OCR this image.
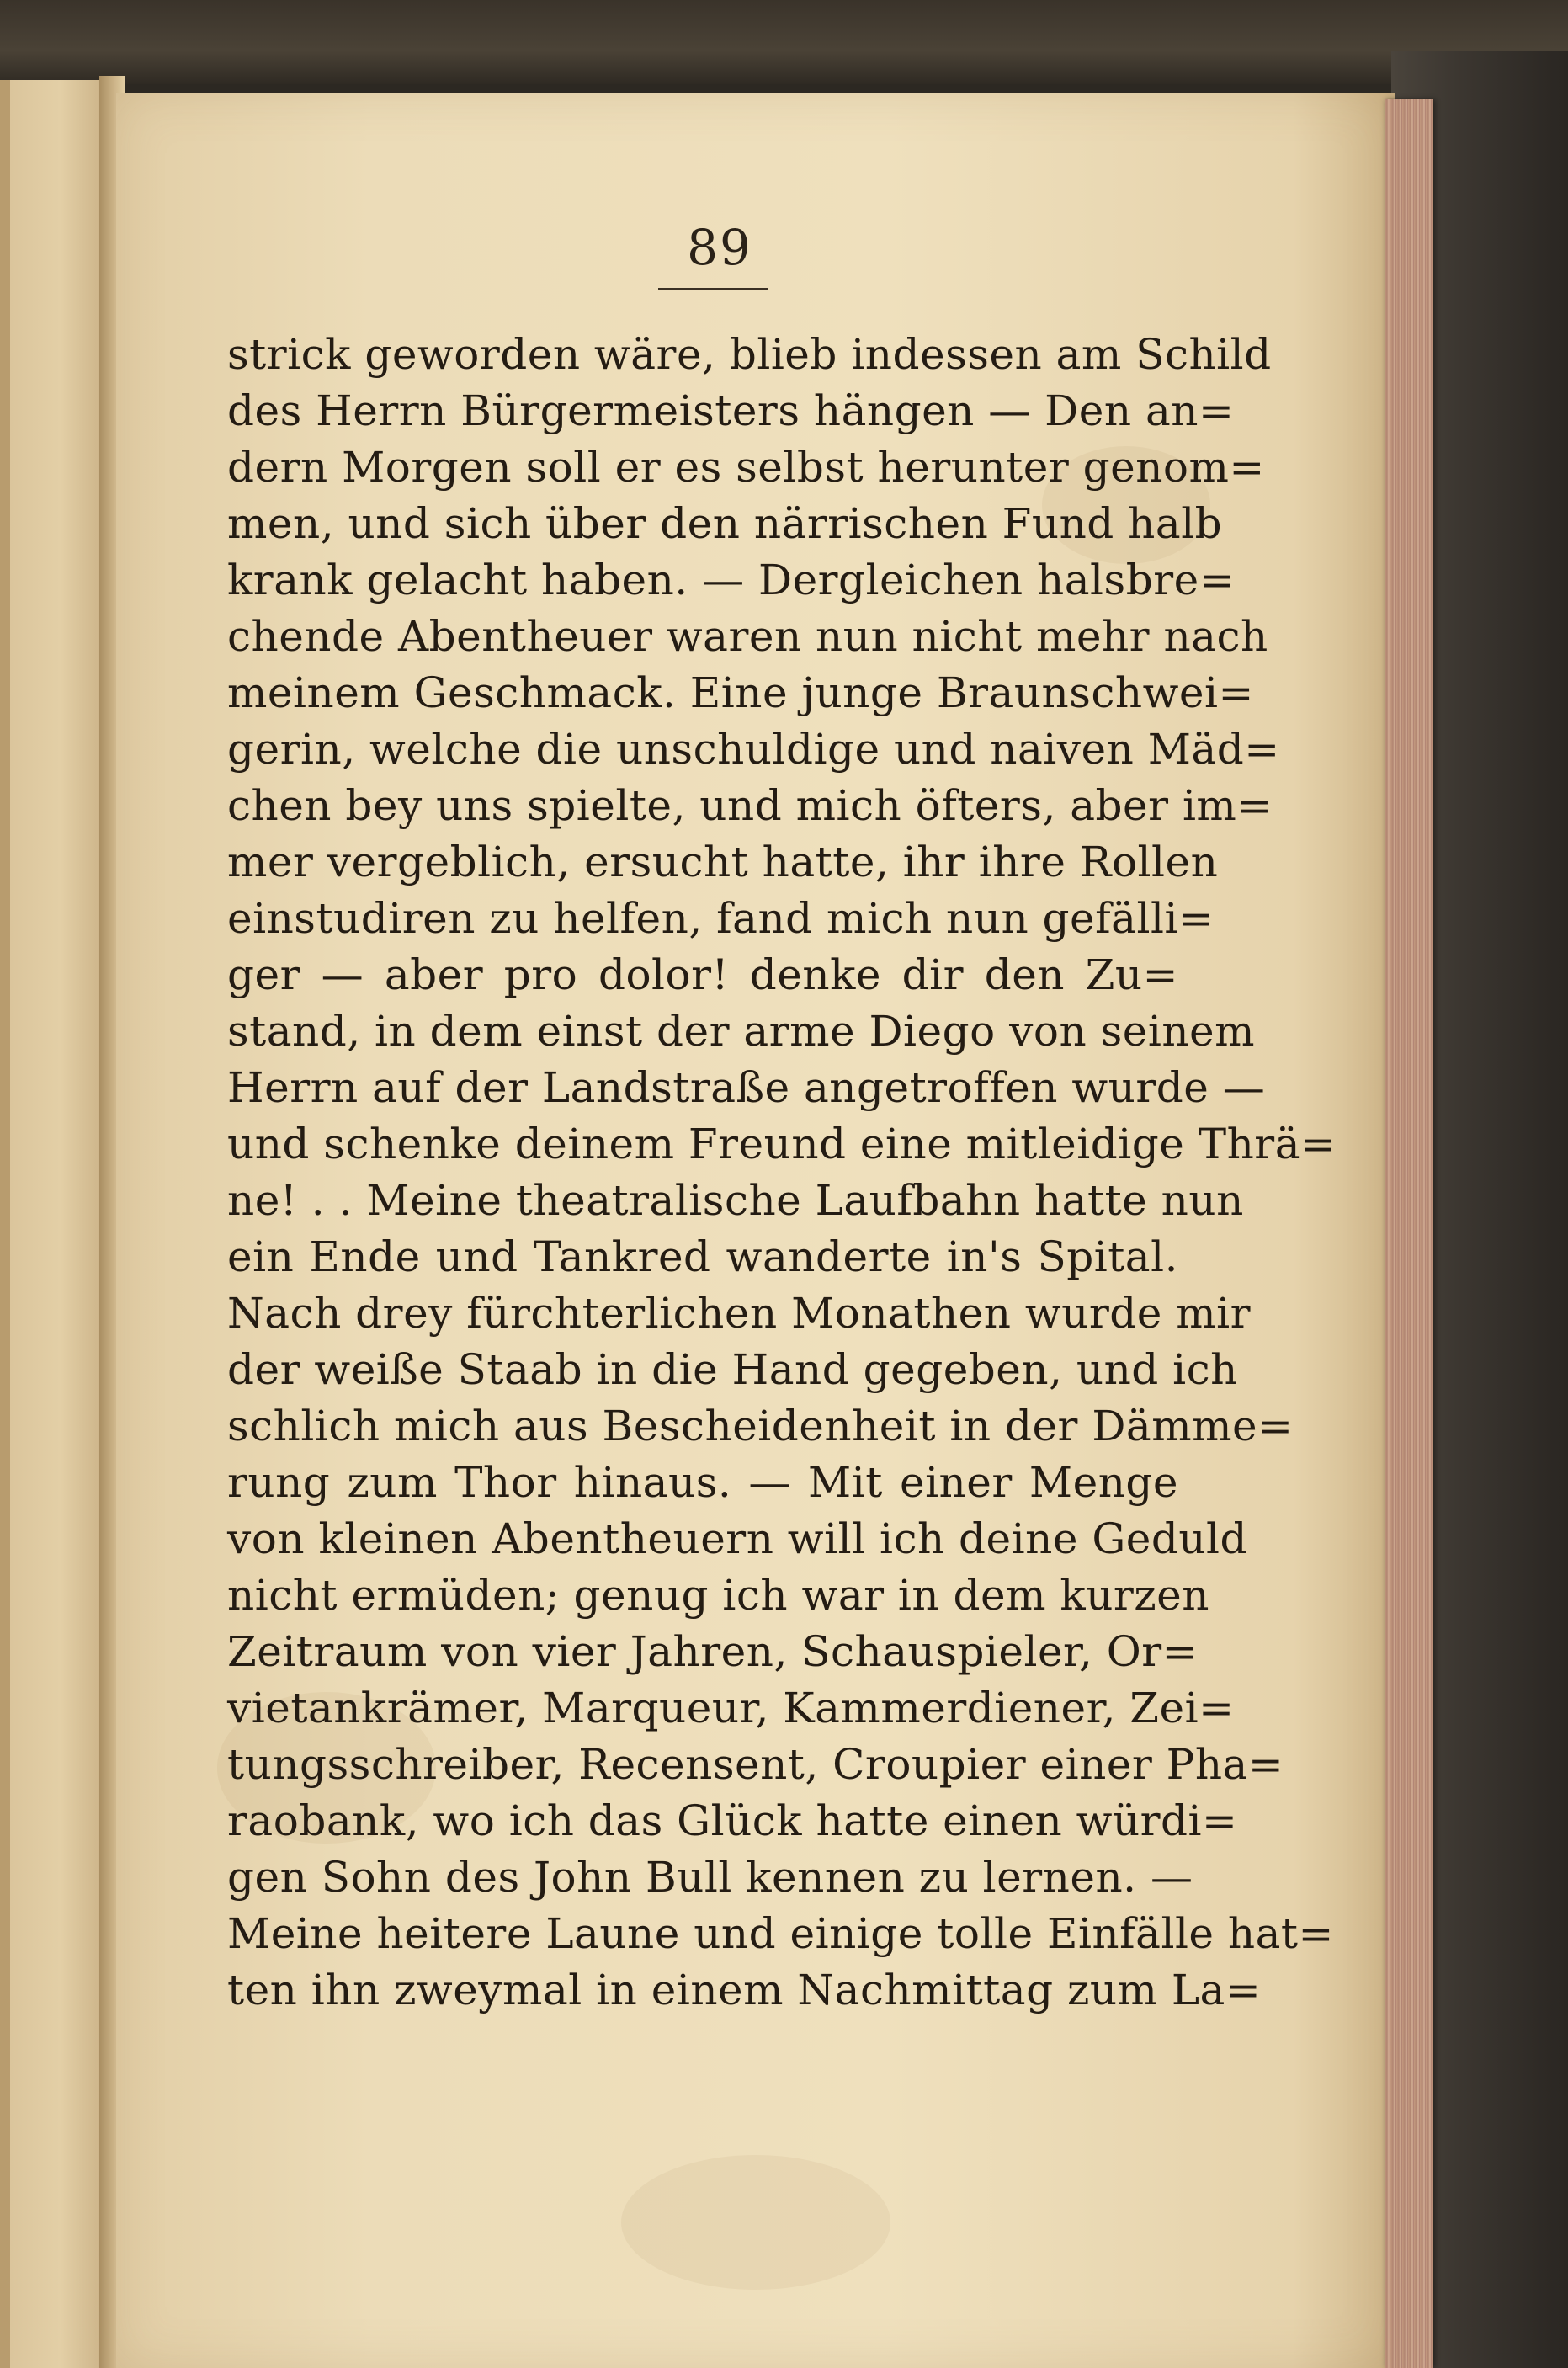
89
strick geworden wäre, blieb indessen am Schild
des Herrn Bürgermeisters hängen — Den an=
dern Morgen soll er es selbst herunter genom=
men, und sich über den närrischen Fund halb
krank gelacht haben. — Dergleichen halsbre=
chende Abentheuer waren nun nicht mehr nach
meinem Geschmack. Eine junge Braunschwei=
gerin, welche die unschuldige und naiven Mäd=
chen bey uns spielte, und mich öfters, aber im=
mer vergeblich, ersucht hatte, ihr ihre Rollen
einstudiren zu helfen, fand mich nun gefälli=
ger — aber pro dolor! denke dir den Zu=
stand, in dem einst der arme Diego von seinem
Herrn auf der Landstraße angetroffen wurde —
und schenke deinem Freund eine mitleidige Thrä=
ne! . . Meine theatralische Laufbahn hatte nun
ein Ende und Tankred wanderte in's Spital.
Nach drey fürchterlichen Monathen wurde mir
der weiße Staab in die Hand gegeben, und ich
schlich mich aus Bescheidenheit in der Dämme=
rung zum Thor hinaus. — Mit einer Menge
von kleinen Abentheuern will ich deine Geduld
nicht ermüden; genug ich war in dem kurzen
Zeitraum von vier Jahren, Schauspieler, Or=
vietankrämer, Marqueur, Kammerdiener, Zei=
tungsschreiber, Recensent, Croupier einer Pha=
raobank, wo ich das Glück hatte einen würdi=
gen Sohn des John Bull kennen zu lernen. —
Meine heitere Laune und einige tolle Einfälle hat=
ten ihn zweymal in einem Nachmittag zum La=
